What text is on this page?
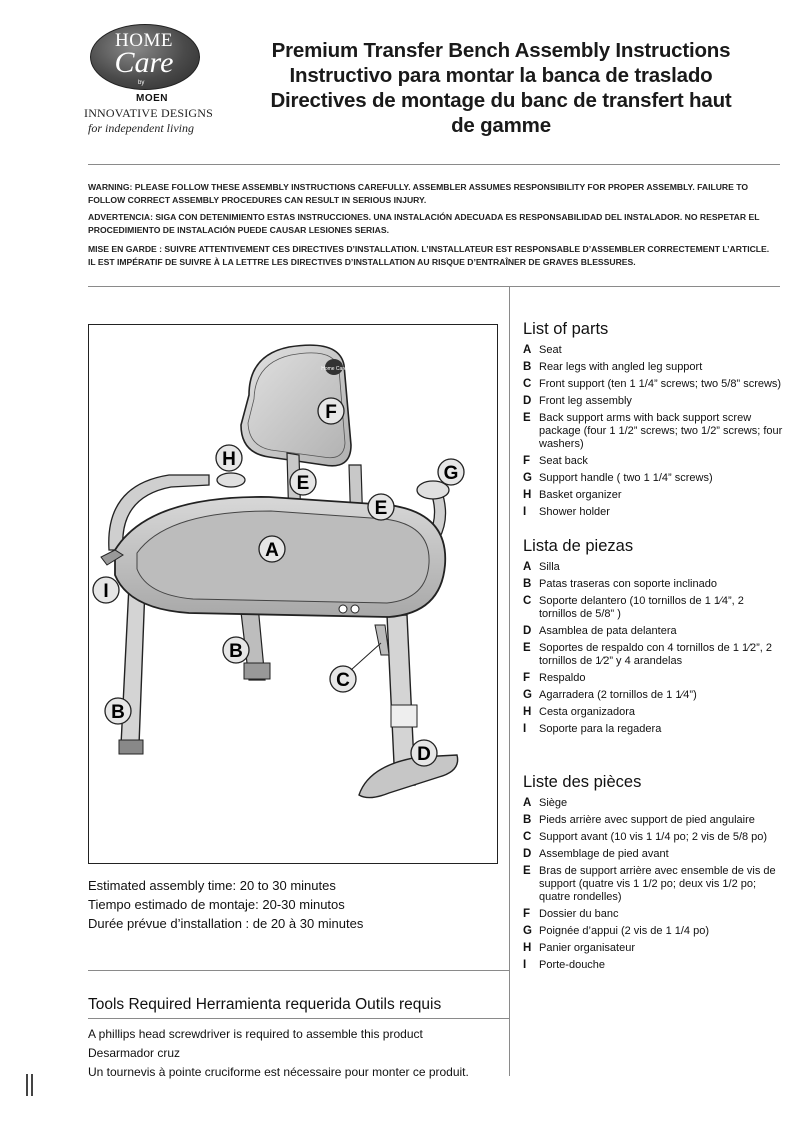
HOME
Care
by
MOEN
INNOVATIVE DESIGNS
for independent living
Premium Transfer Bench Assembly Instructions
Instructivo para montar la banca de traslado
Directives de montage du banc de transfert haut
de gamme
WARNING: PLEASE FOLLOW THESE ASSEMBLY INSTRUCTIONS CAREFULLY. ASSEMBLER ASSUMES RESPONSIBILITY FOR PROPER ASSEMBLY. FAILURE TO FOLLOW CORRECT ASSEMBLY PROCEDURES CAN RESULT IN SERIOUS INJURY.
ADVERTENCIA: SIGA CON DETENIMIENTO ESTAS INSTRUCCIONES. UNA INSTALACIÓN ADECUADA ES RESPONSABILIDAD DEL INSTALADOR. NO RESPETAR EL PROCEDIMIENTO DE INSTALACIÓN PUEDE CAUSAR LESIONES SERIAS.
MISE EN GARDE : SUIVRE ATTENTIVEMENT CES DIRECTIVES D’INSTALLATION. L’INSTALLATEUR EST RESPONSABLE D’ASSEMBLER CORRECTEMENT L’ARTICLE. IL EST IMPÉRATIF DE SUIVRE À LA LETTRE LES DIRECTIVES D’INSTALLATION AU RISQUE D’ENTRAÎNER DE GRAVES BLESSURES.
Home Care
F
H
E
E
G
A
I
B
C
B
D
Estimated assembly time: 20 to 30 minutes
Tiempo estimado de montaje: 20-30 minutos
Durée prévue d’installation : de 20 à 30 minutes
Tools Required Herramienta requerida Outils requis
A phillips head screwdriver is required to assemble this product
Desarmador cruz
Un tournevis à pointe cruciforme est nécessaire pour monter ce produit.
List of parts
A Seat
B Rear legs with angled leg support
C Front support (ten 1 1/4” screws; two 5/8” screws)
D Front leg assembly
E Back support arms with back support screw package (four 1 1/2” screws; two 1/2” screws; four washers)
F Seat back
G Support handle ( two 1 1/4” screws)
H Basket organizer
I	Shower holder
Lista de piezas
A Silla
B Patas traseras con soporte inclinado
C Soporte delantero (10 tornillos de 1 1⁄4”, 2 tornillos de 5/8” )
D Asamblea de pata delantera
E Soportes de respaldo con 4 tornillos de 1 1⁄2”, 2 tornillos de 1⁄2” y 4 arandelas
F Respaldo
G Agarradera (2 tornillos de 1 1⁄4”)
H Cesta organizadora
I	Soporte para la regadera
Liste des pièces
A Siège
B Pieds arrière avec support de pied angulaire
C Support avant (10 vis 1 1/4 po; 2 vis de 5/8 po)
D Assemblage de pied avant
E Bras de support arrière avec ensemble de vis de support (quatre vis 1 1/2 po; deux vis 1/2 po; quatre rondelles)
F Dossier du banc
G Poignée d’appui (2 vis de 1 1/4 po)
H Panier organisateur
I	Porte-douche
